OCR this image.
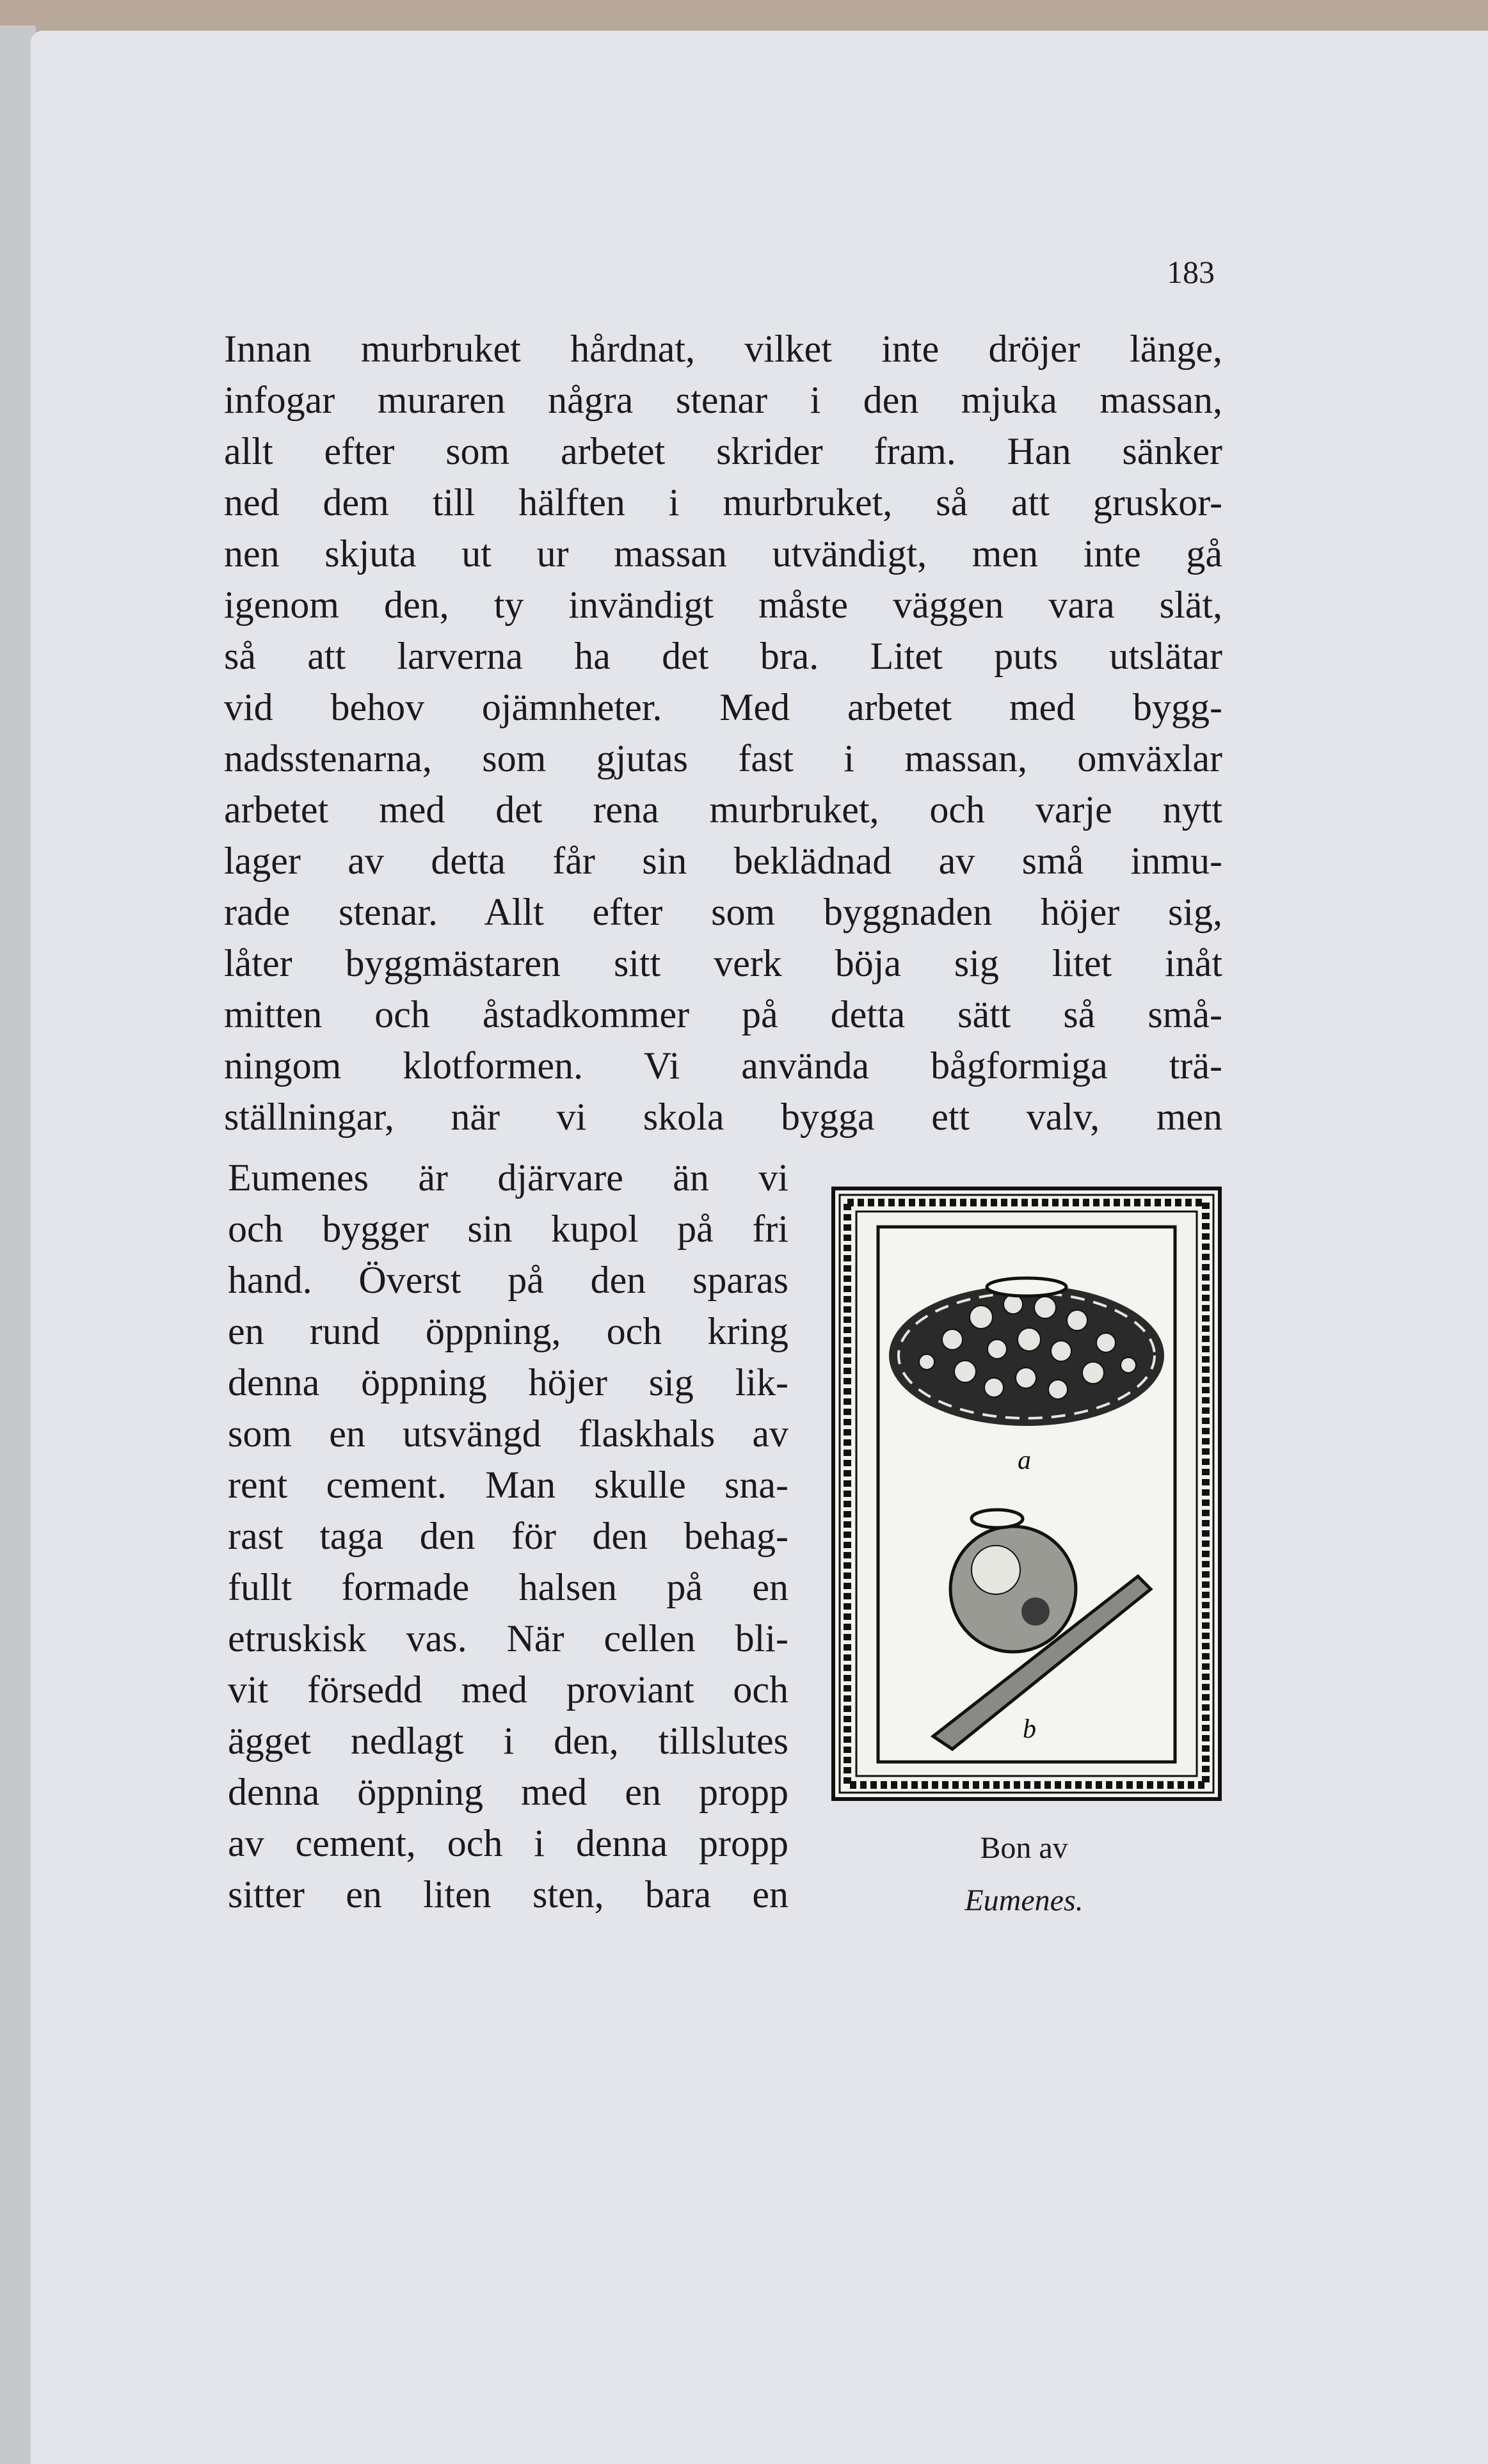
183
Innan murbruket hårdnat, vilket inte dröjer länge,
infogar muraren några stenar i den mjuka massan,
allt efter som arbetet skrider fram. Han sänker
ned dem till hälften i murbruket, så att gruskor-
nen skjuta ut ur massan utvändigt, men inte gå
igenom den, ty invändigt måste väggen vara slät,
så att larverna ha det bra. Litet puts utslätar
vid behov ojämnheter. Med arbetet med bygg-
nadsstenarna, som gjutas fast i massan, omväxlar
arbetet med det rena murbruket, och varje nytt
lager av detta får sin beklädnad av små inmu-
rade stenar. Allt efter som byggnaden höjer sig,
låter byggmästaren sitt verk böja sig litet inåt
mitten och åstadkommer på detta sätt så små-
ningom klotformen. Vi använda bågformiga trä-
ställningar, när vi skola bygga ett valv, men
Eumenes är djärvare än vi
och bygger sin kupol på fri
hand. Överst på den sparas
en rund öppning, och kring
denna öppning höjer sig lik-
som en utsvängd flaskhals av
rent cement. Man skulle sna-
rast taga den för den behag-
fullt formade halsen på en
etruskisk vas. När cellen bli-
vit försedd med proviant och
ägget nedlagt i den, tillslutes
denna öppning med en propp
av cement, och i denna propp
sitter en liten sten, bara en
a
b
Bon av
Eumenes.
